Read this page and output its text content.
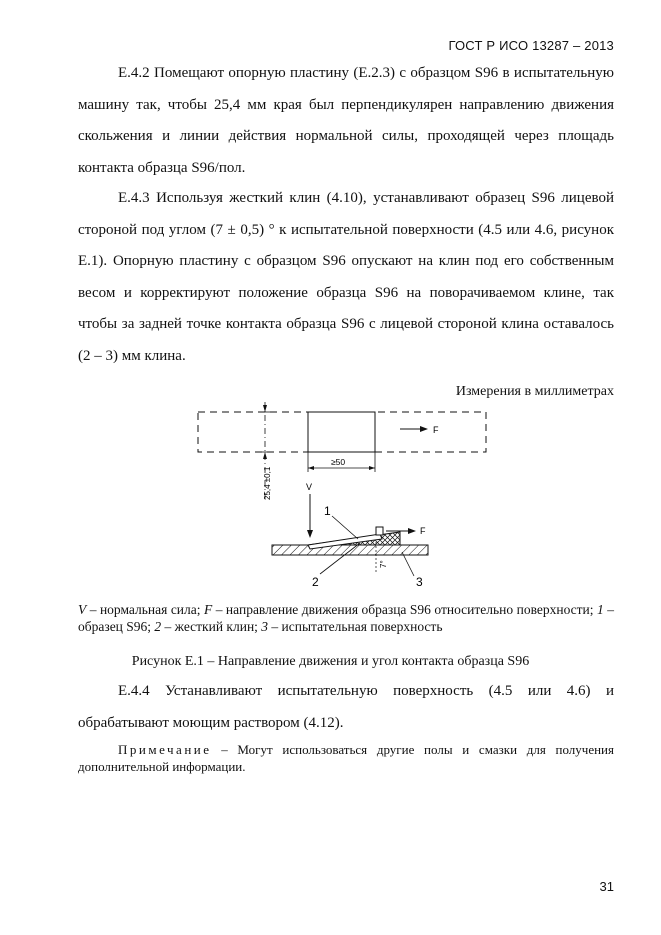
ГОСТ Р ИСО 13287 – 2013
Е.4.2 Помещают опорную пластину (Е.2.3) с образцом S96 в испытательную машину так, чтобы 25,4 мм края был перпендикулярен направлению движения скольжения и линии действия нормальной силы, проходящей через площадь контакта образца S96/пол.
Е.4.3 Используя жесткий клин (4.10), устанавливают образец S96 лицевой стороной под углом (7 ± 0,5) ° к испытательной поверхности (4.5 или 4.6, рисунок Е.1). Опорную пластину с образцом S96 опускают на клин под его собственным весом и корректируют положение образца S96 на поворачиваемом клине, так чтобы за задней точке контакта образца S96 с лицевой стороной клина оставалось (2 – 3) мм клина.
Измерения в миллиметрах
F
≥50
25,4 ±0,1	V
F
1
2	3
7°
V – нормальная сила; F – направление движения образца S96 относительно поверхности; 1 – образец S96; 2 – жесткий клин; 3 – испытательная поверхность
Рисунок Е.1 – Направление движения и угол контакта образца S96
Е.4.4 Устанавливают испытательную поверхность (4.5 или 4.6) и обрабатывают моющим раствором (4.12).
Примечание – Могут использоваться другие полы и смазки для получения дополнительной информации.
31
